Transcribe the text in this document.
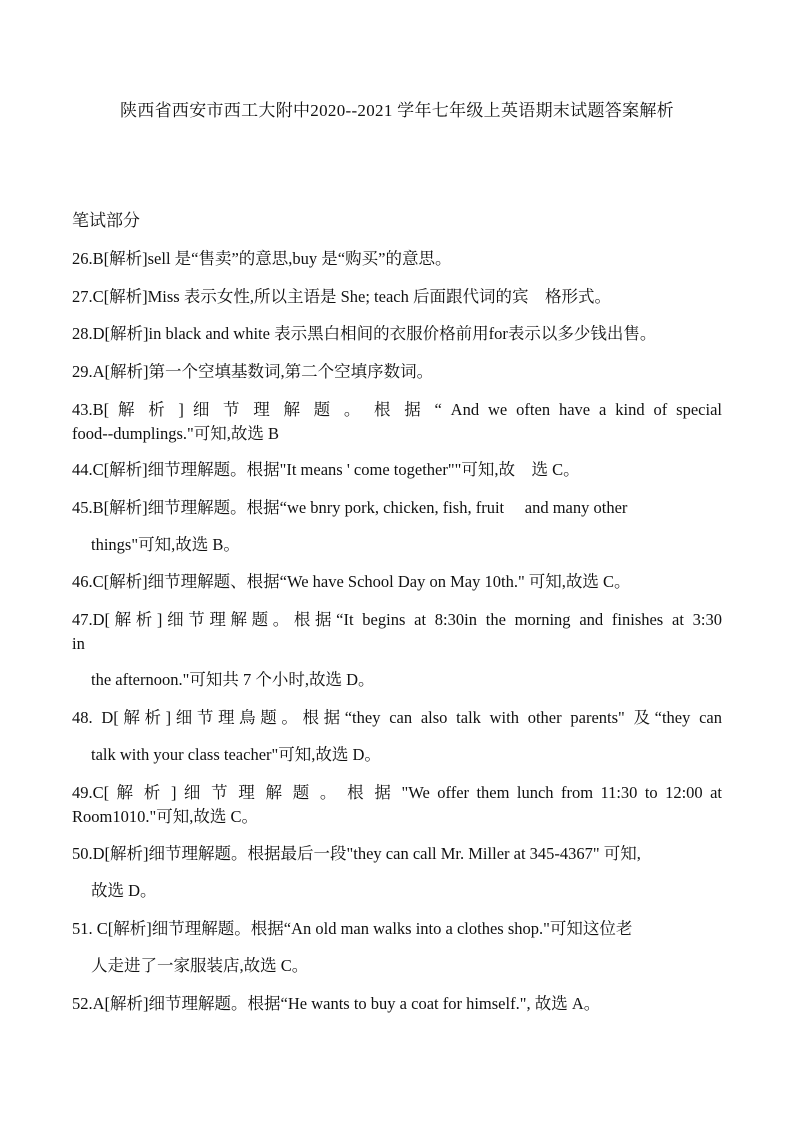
陕西省西安市西工大附中2020--2021 学年七年级上英语期末试题答案解析
笔试部分
26.B[解析]sell 是“售卖”的意思,buy 是“购买”的意思。
27.C[解析]Miss 表示女性,所以主语是 She; teach 后面跟代词的宾　格形式。
28.D[解析]in black and white 表示黑白相间的衣服价格前用for表示以多少钱出售。
29.A[解析]第一个空填基数词,第二个空填序数词。
43.B[ 解 析 ] 细 节 理 解 题 。 根 据 “ And we often have a kind of special
food--dumplings."可知,故选 B
44.C[解析]细节理解题。根据"It means ' come together""可知,故　选 C。
45.B[解析]细节理解题。根据“we bnry pork, chicken, fish, fruit　 and many other
things"可知,故选 B。
46.C[解析]细节理解题、根据“We have School Day on May 10th." 可知,故选 C。
47.D[解析]细节理解题。根据“It begins at 8:30in the morning and finishes at 3:30
in
the afternoon."可知共 7 个小时,故选 D。
48. D[解析]细节理鳥题。根据“they can also talk with other parents" 及“they can
talk with your class teacher"可知,故选 D。
49.C[ 解 析 ] 细 节 理 解 题 。 根 据 "We offer them lunch from 11:30 to 12:00 at
Room1010."可知,故选 C。
50.D[解析]细节理解题。根据最后一段"they can call Mr. Miller at 345-4367" 可知,
故选 D。
51. C[解析]细节理解题。根据“An old man walks into a clothes shop."可知这位老
人走进了一家服装店,故选 C。
52.A[解析]细节理解题。根据“He wants to buy a coat for himself.", 故选 A。
